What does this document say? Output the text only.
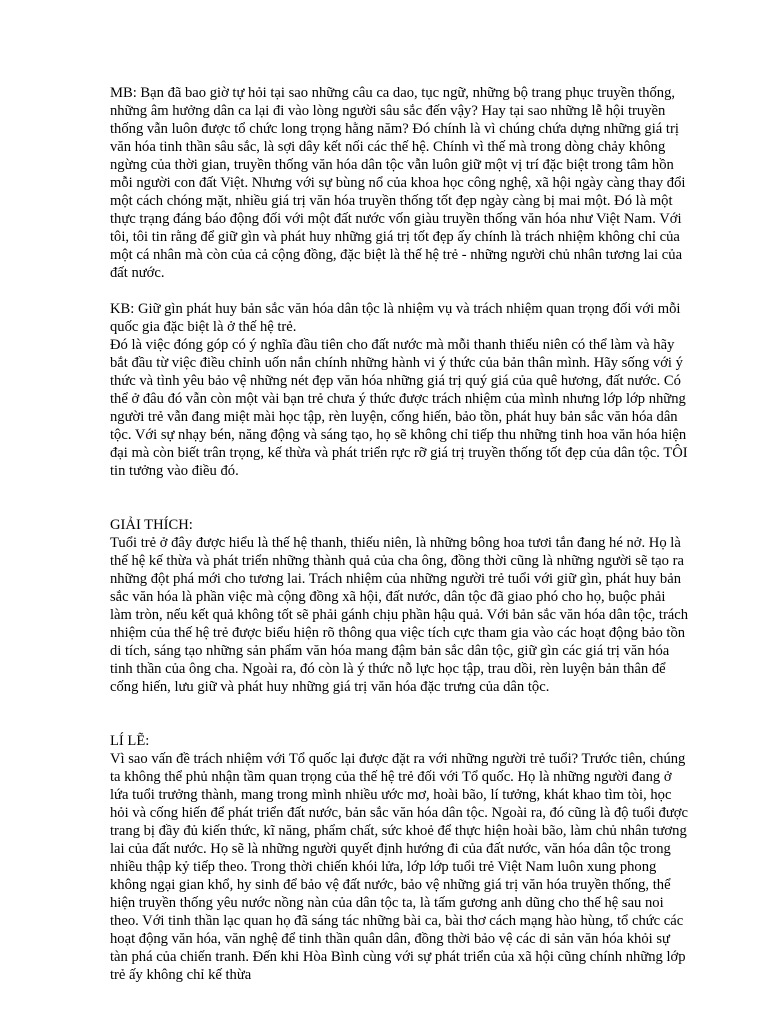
MB: Bạn đã bao giờ tự hỏi tại sao những câu ca dao, tục ngữ, những bộ trang phục truyền thống, những âm hưởng dân ca lại đi vào lòng người sâu sắc đến vậy? Hay tại sao những lễ hội truyền thống vẫn luôn được tổ chức long trọng hằng năm? Đó chính là vì chúng chứa dựng những giá trị văn hóa tinh thần sâu sắc, là sợi dây kết nối các thế hệ. Chính vì thế mà trong dòng chảy không ngừng của thời gian, truyền thống văn hóa dân tộc vẫn luôn giữ một vị trí đặc biệt trong tâm hồn mỗi người con đất Việt. Nhưng với sự bùng nổ của khoa học công nghệ, xã hội ngày càng thay đổi một cách chóng mặt, nhiều giá trị văn hóa truyền thống tốt đẹp ngày càng bị mai một. Đó là một thực trạng đáng báo động đối với một đất nước vốn giàu truyền thống văn hóa như Việt Nam. Với tôi, tôi tin rằng để giữ gìn và phát huy những giá trị tốt đẹp ấy chính là trách nhiệm không chỉ của một cá nhân mà còn của cả cộng đồng, đặc biệt là thế hệ trẻ - những người chủ nhân tương lai của đất nước.

KB: Giữ gìn phát huy bản sắc văn hóa dân tộc là nhiệm vụ và trách nhiệm quan trọng đối với mỗi quốc gia đặc biệt là ở thế hệ trẻ.

Đó là việc đóng góp có ý nghĩa đầu tiên cho đất nước mà mỗi thanh thiếu niên có thể làm và hãy bắt đầu từ việc điều chỉnh uốn nắn chính những hành vi ý thức của bản thân mình. Hãy sống với ý thức và tình yêu bảo vệ những nét đẹp văn hóa những giá trị quý giá của quê hương, đất nước. Có thể ở đâu đó vẫn còn một vài bạn trẻ chưa ý thức được trách nhiệm của mình nhưng lớp lớp những người trẻ vẫn đang miệt mài học tập, rèn luyện, cống hiến, bảo tồn, phát huy bản sắc văn hóa dân tộc. Với sự nhạy bén, năng động và sáng tạo, họ sẽ không chỉ tiếp thu những tinh hoa văn hóa hiện đại mà còn biết trân trọng, kế thừa và phát triển rực rỡ giá trị truyền thống tốt đẹp của dân tộc. TÔI tin tưởng vào điều đó.

GIẢI THÍCH:

Tuổi trẻ ở đây được hiểu là thế hệ thanh, thiếu niên, là những bông hoa tươi tắn đang hé nở. Họ là thế hệ kế thừa và phát triển những thành quả của cha ông, đồng thời cũng là những người sẽ tạo ra những đột phá mới cho tương lai. Trách nhiệm của những người trẻ tuổi với giữ gìn, phát huy bản sắc văn hóa là phần việc mà cộng đồng xã hội, đất nước, dân tộc đã giao phó cho họ, buộc phải làm tròn, nếu kết quả không tốt sẽ phải gánh chịu phần hậu quả. Với bản sắc văn hóa dân tộc, trách nhiệm của thế hệ trẻ được biểu hiện rõ thông qua việc tích cực tham gia vào các hoạt động bảo tồn di tích, sáng tạo những sản phẩm văn hóa mang đậm bản sắc dân tộc, giữ gìn các giá trị văn hóa tinh thần của ông cha. Ngoài ra, đó còn là ý thức nỗ lực học tập, trau dồi, rèn luyện bản thân để cống hiến, lưu giữ và phát huy những giá trị văn hóa đặc trưng của dân tộc.

LÍ LẼ:

Vì sao vấn đề trách nhiệm với Tổ quốc lại được đặt ra với những người trẻ tuổi? Trước tiên, chúng ta không thể phủ nhận tầm quan trọng của thế hệ trẻ đối với Tổ quốc. Họ là những người đang ở lứa tuổi trưởng thành, mang trong mình nhiều ước mơ, hoài bão, lí tưởng, khát khao tìm tòi, học hỏi và cống hiến để phát triển đất nước, bản sắc văn hóa dân tộc. Ngoài ra, đó cũng là độ tuổi được trang bị đầy đủ kiến thức, kĩ năng, phẩm chất, sức khoẻ để thực hiện hoài bão, làm chủ nhân tương lai của đất nước. Họ sẽ là những người quyết định hướng đi của đất nước, văn hóa dân tộc trong nhiều thập kỷ tiếp theo. Trong thời chiến khói lửa, lớp lớp tuổi trẻ Việt Nam luôn xung phong không ngại gian khổ, hy sinh để bảo vệ đất nước, bảo vệ những giá trị văn hóa truyền thống, thể hiện truyền thống yêu nước nồng nàn của dân tộc ta, là tấm gương anh dũng cho thế hệ sau noi theo. Với tinh thần lạc quan họ đã sáng tác những bài ca, bài thơ cách mạng hào hùng, tổ chức các hoạt động văn hóa, văn nghệ để tinh thần quân dân, đồng thời bảo vệ các di sản văn hóa khỏi sự tàn phá của chiến tranh. Đến khi Hòa Bình cùng với sự phát triển của xã hội cũng chính những lớp trẻ ấy không chỉ kế thừa
